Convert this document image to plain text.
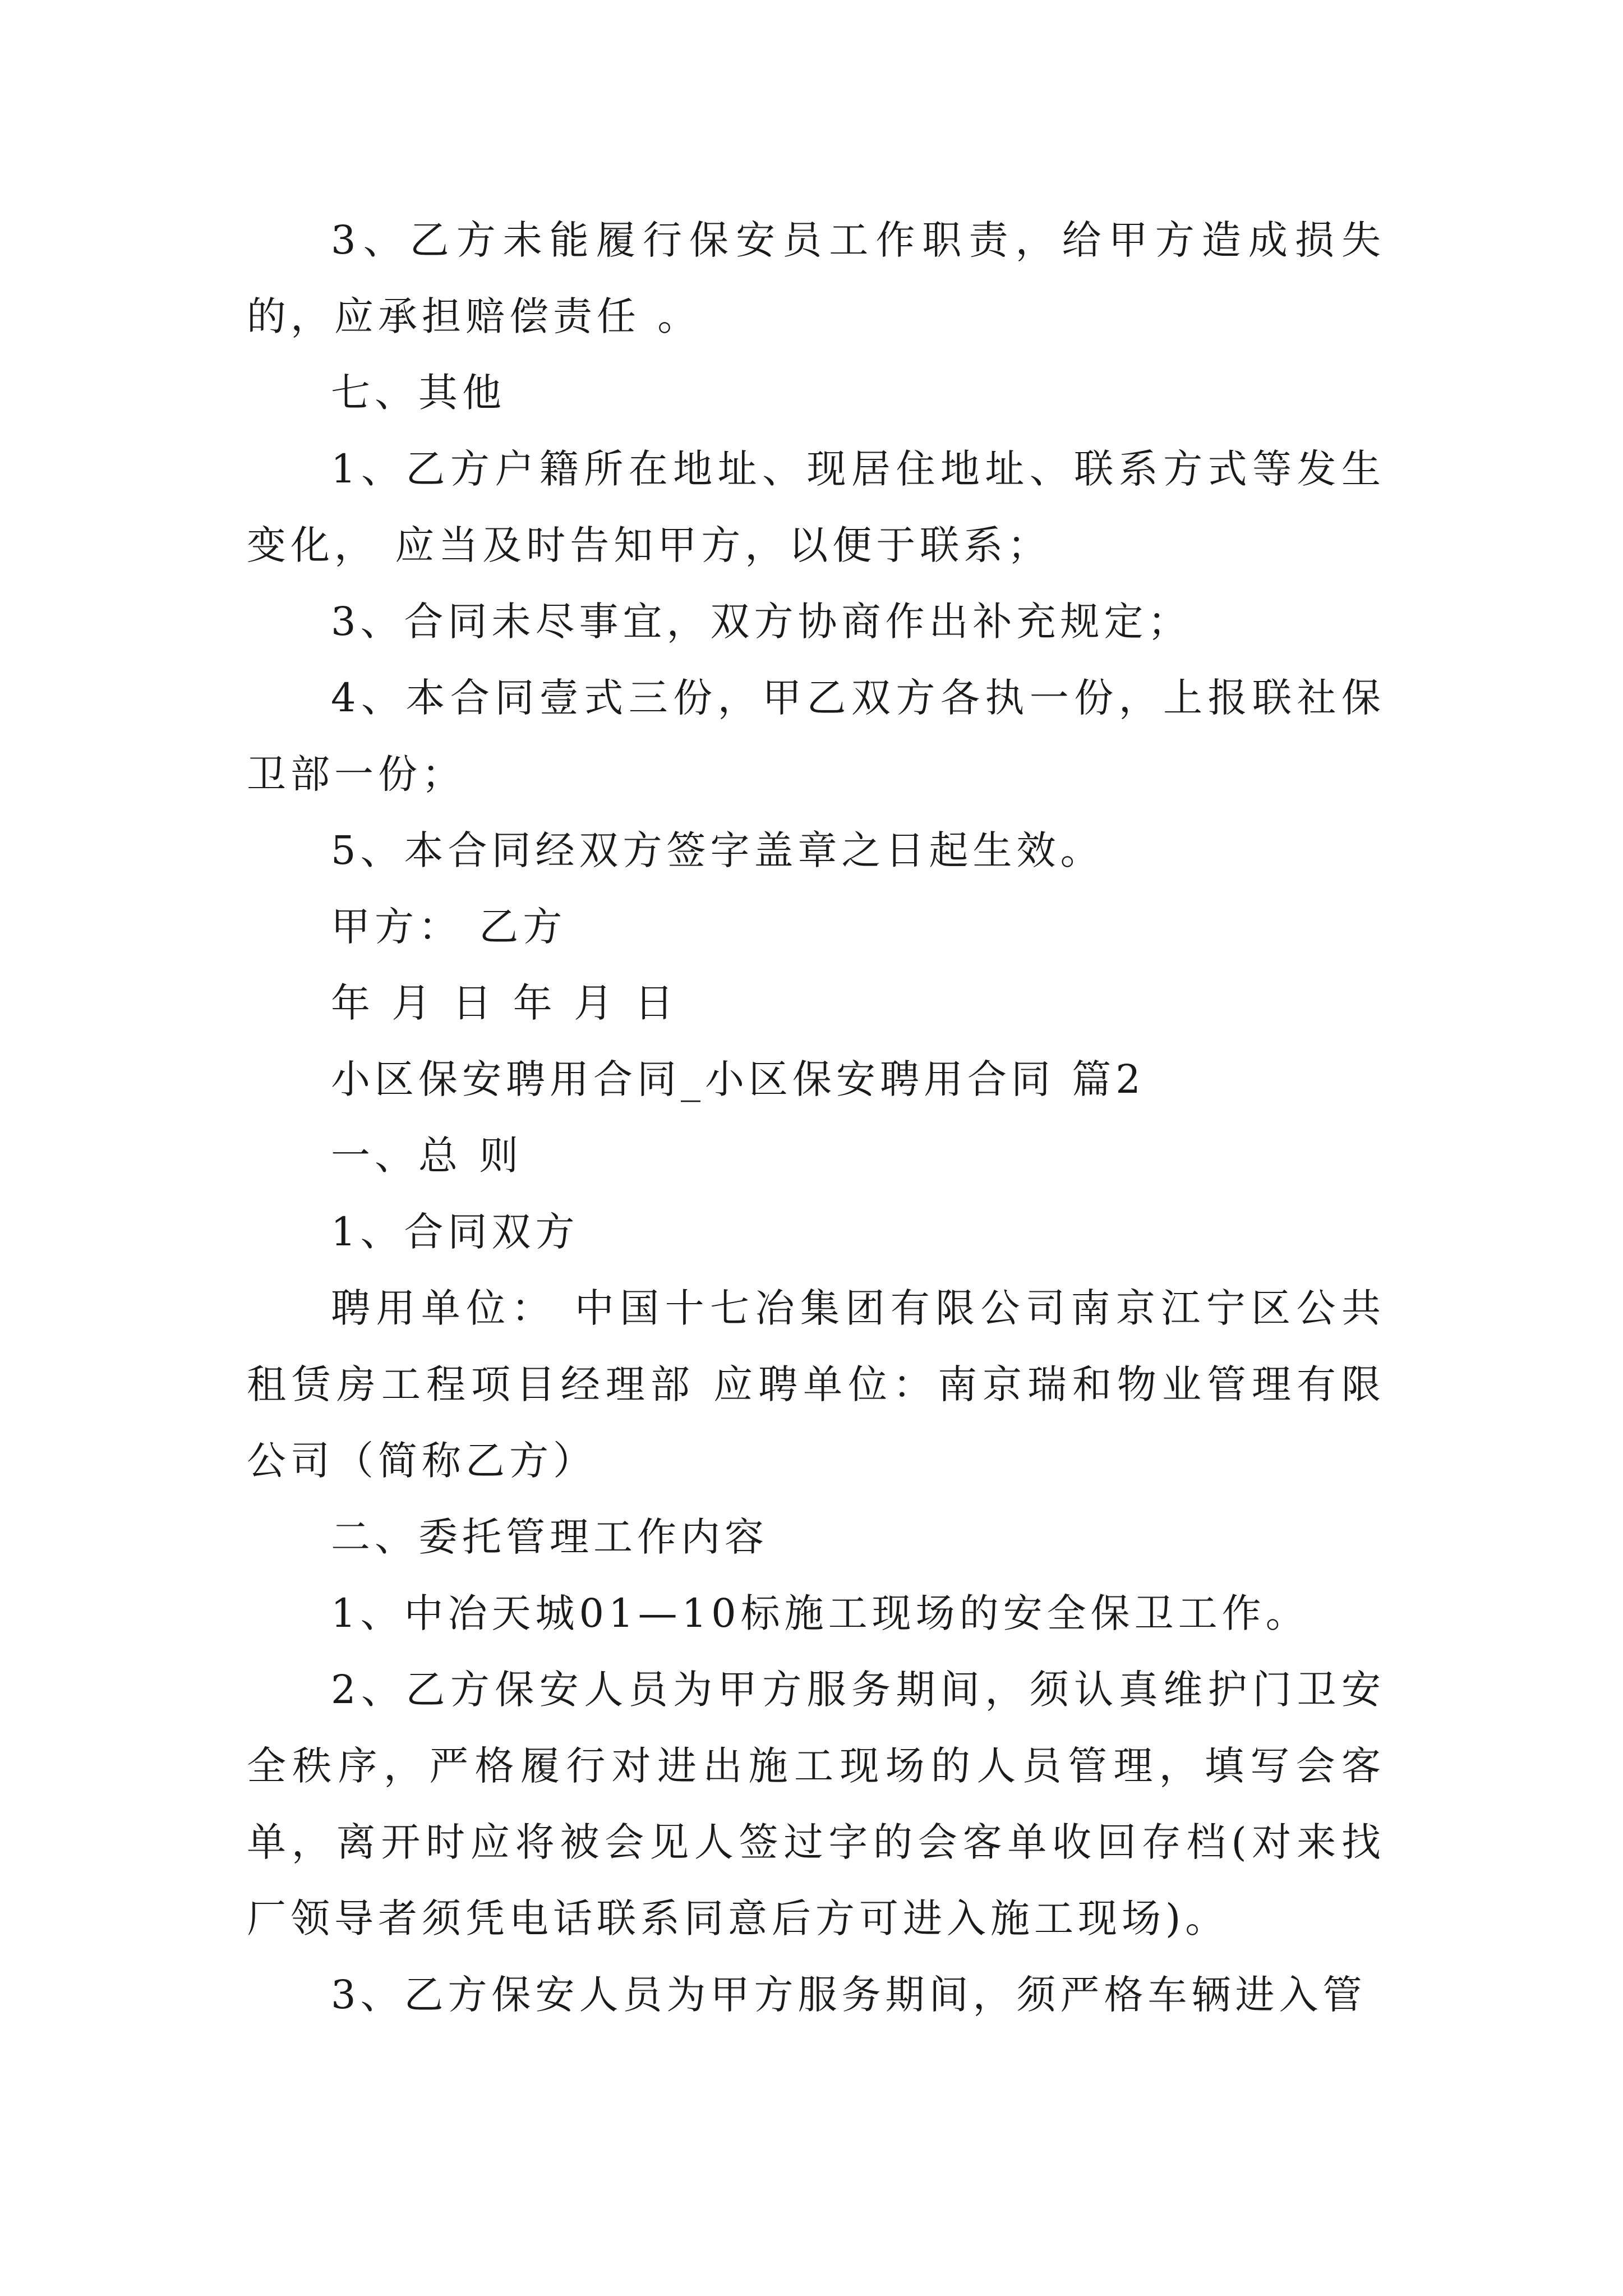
3、乙方未能履行保安员工作职责，给甲方造成损失的，应承担赔偿责任 。

七、其他

1、乙方户籍所在地址、现居住地址、联系方式等发生变化， 应当及时告知甲方，以便于联系；

3、合同未尽事宜，双方协商作出补充规定；

4、本合同壹式三份，甲乙双方各执一份，上报联社保卫部一份；

5、本合同经双方签字盖章之日起生效。

甲方： 乙方

年 月 日 年 月 日

小区保安聘用合同_小区保安聘用合同 篇2

一、总 则

1、合同双方

聘用单位： 中国十七冶集团有限公司南京江宁区公共租赁房工程项目经理部 应聘单位：南京瑞和物业管理有限公司（简称乙方）

二、委托管理工作内容

1、中冶天城01—10标施工现场的安全保卫工作。

2、乙方保安人员为甲方服务期间，须认真维护门卫安全秩序，严格履行对进出施工现场的人员管理，填写会客单，离开时应将被会见人签过字的会客单收回存档(对来找厂领导者须凭电话联系同意后方可进入施工现场)。

3、乙方保安人员为甲方服务期间，须严格车辆进入管
